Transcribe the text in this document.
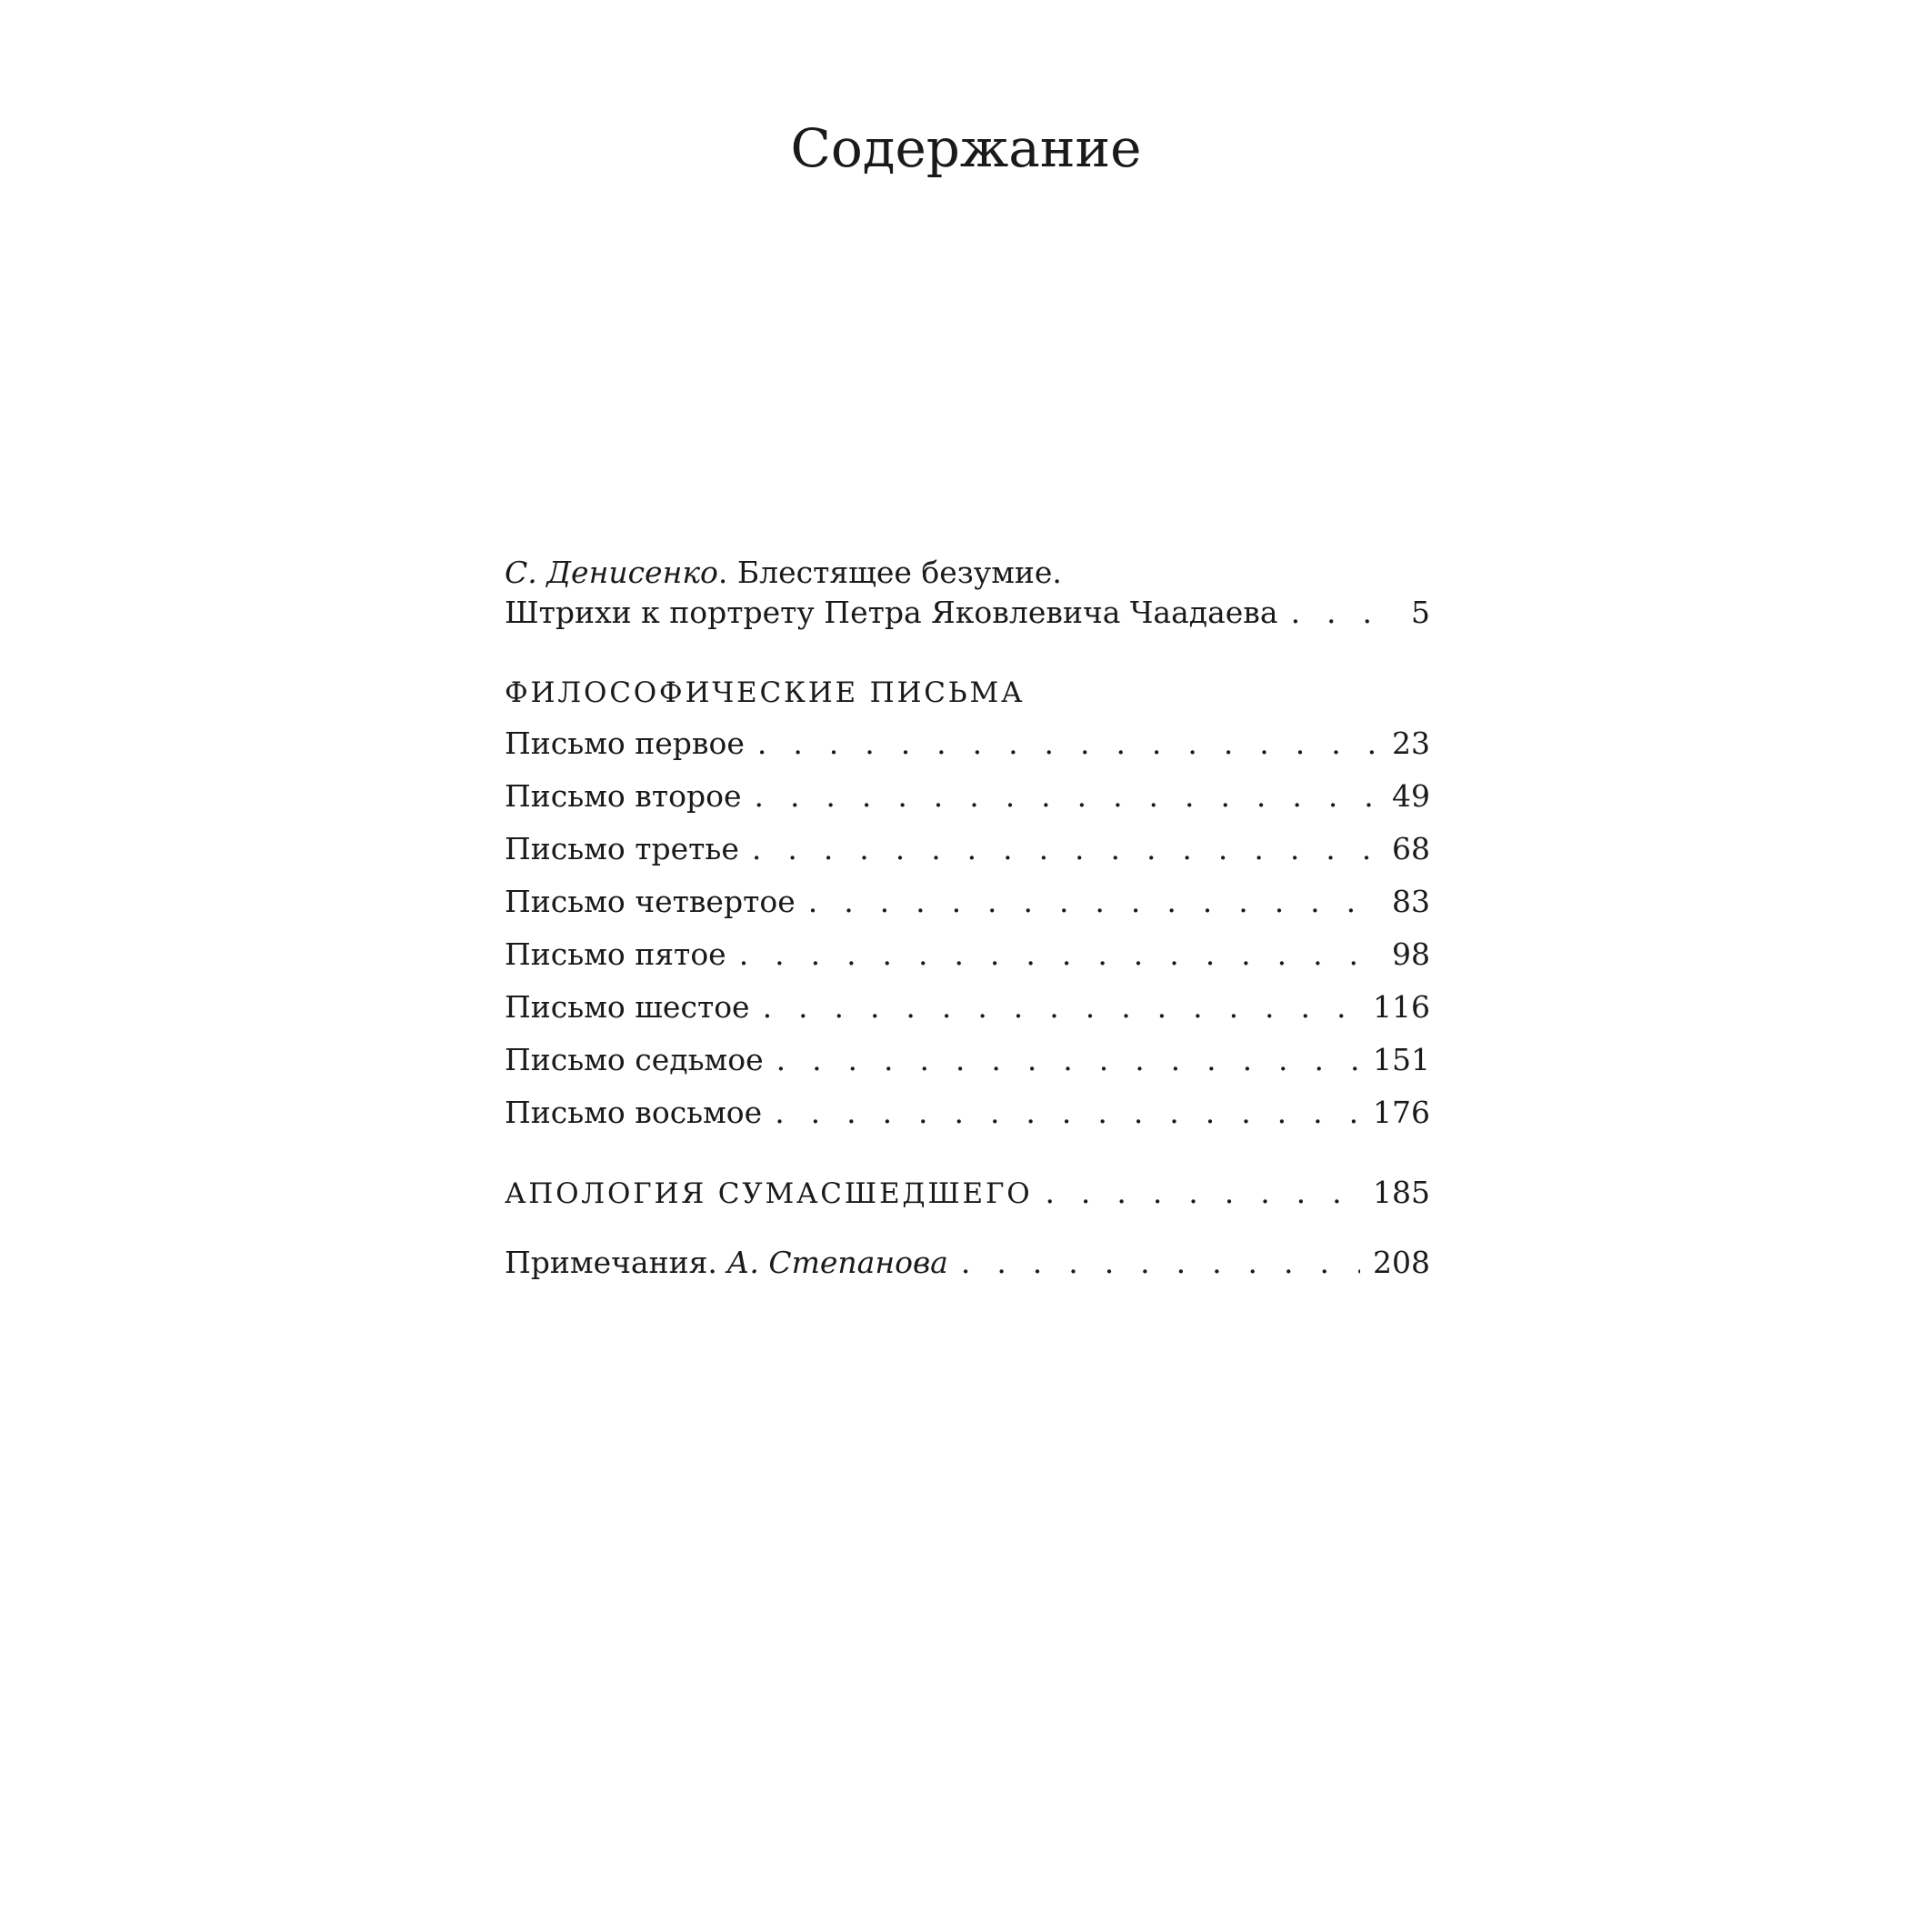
Содержание
С. Денисенко. Блестящее безумие.
Штрихи к портрету Петра Яковлевича Чаадаева . . .	5
ФИЛОСОФИЧЕСКИЕ ПИСЬМА
Письмо первое . . .	23
Письмо второе . . .	49
Письмо третье . . .	68
Письмо четвертое . . .	83
Письмо пятое . . .	98
Письмо шестое . . .	116
Письмо седьмое . . .	151
Письмо восьмое . . .	176
АПОЛОГИЯ СУМАСШЕДШЕГО . . .	185
Примечания. А. Степанова . . .	208
